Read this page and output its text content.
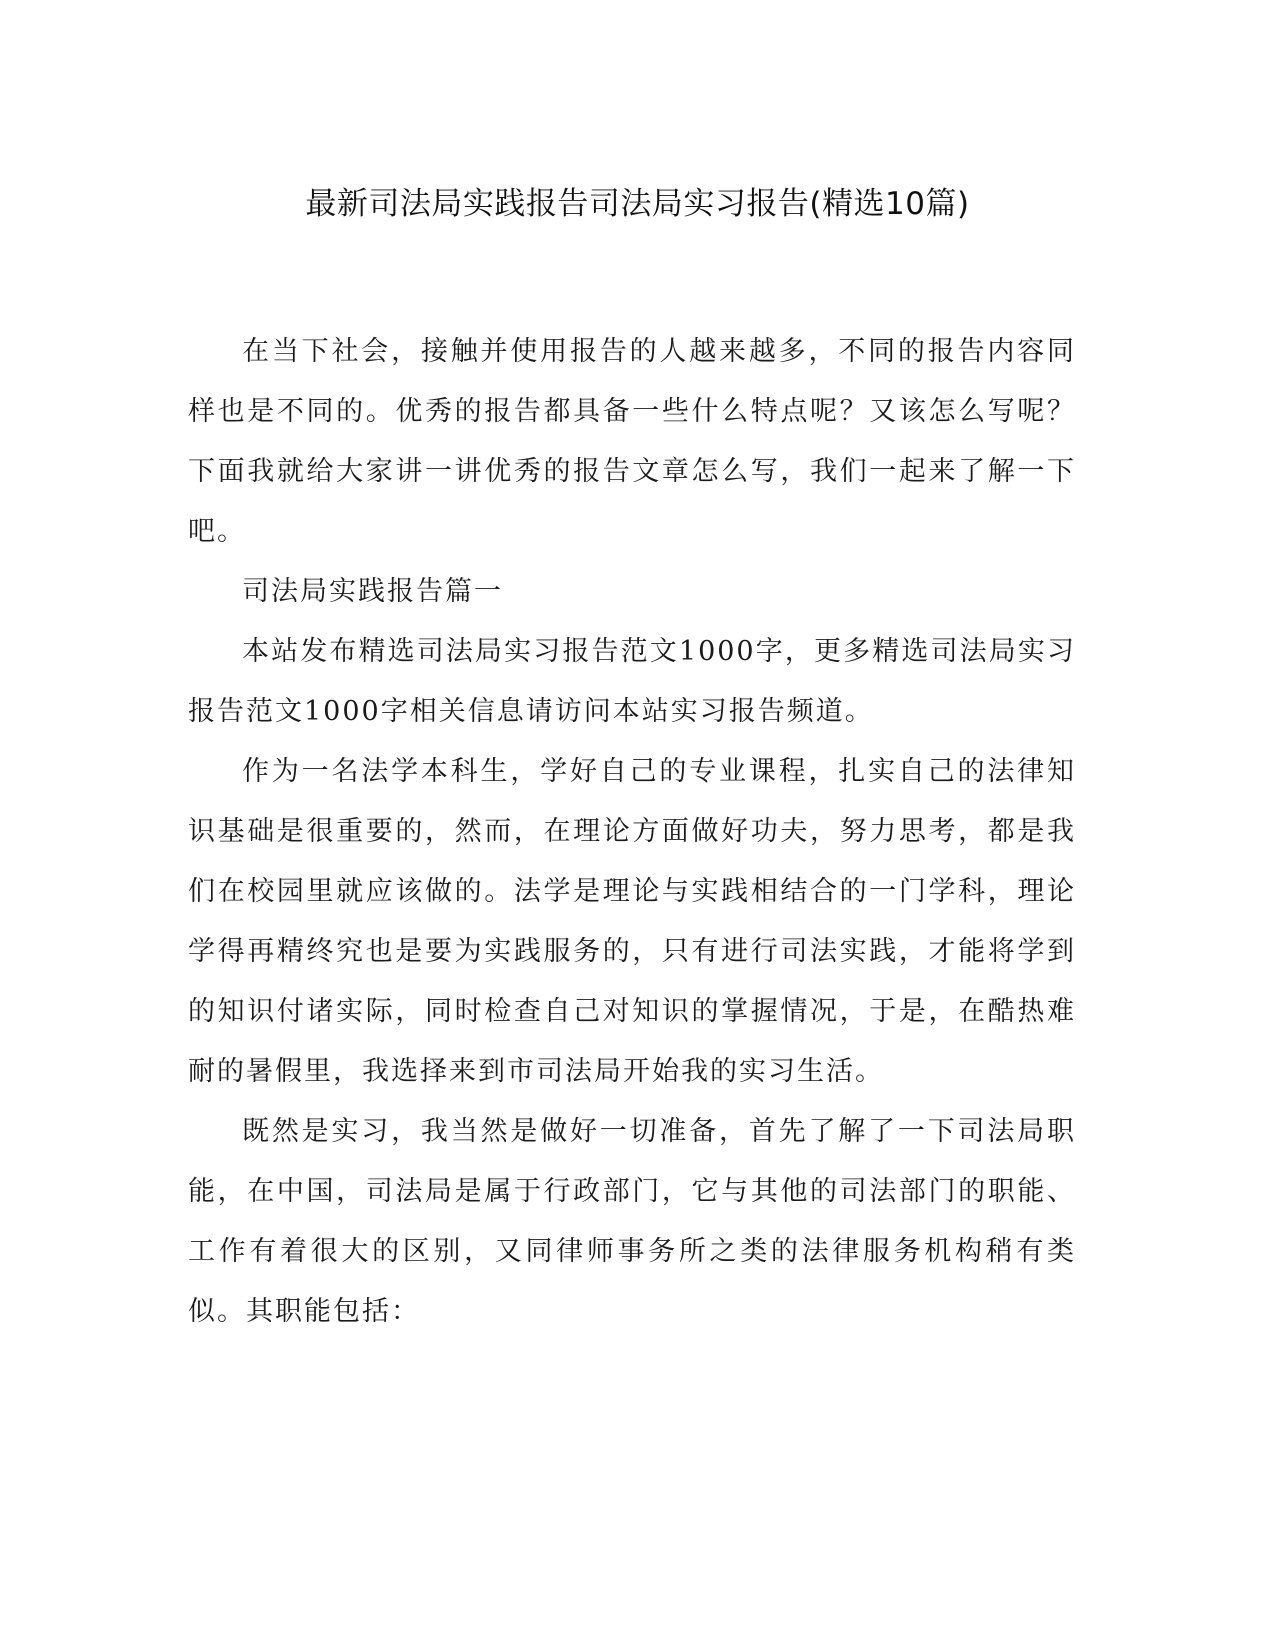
最新司法局实践报告司法局实习报告(精选10篇)

在当下社会，接触并使用报告的人越来越多，不同的报告内容同样也是不同的。优秀的报告都具备一些什么特点呢？又该怎么写呢？下面我就给大家讲一讲优秀的报告文章怎么写，我们一起来了解一下吧。

司法局实践报告篇一

本站发布精选司法局实习报告范文1000字，更多精选司法局实习报告范文1000字相关信息请访问本站实习报告频道。

作为一名法学本科生，学好自己的专业课程，扎实自己的法律知识基础是很重要的，然而，在理论方面做好功夫，努力思考，都是我们在校园里就应该做的。法学是理论与实践相结合的一门学科，理论学得再精终究也是要为实践服务的，只有进行司法实践，才能将学到的知识付诸实际，同时检查自己对知识的掌握情况，于是，在酷热难耐的暑假里，我选择来到市司法局开始我的实习生活。

既然是实习，我当然是做好一切准备，首先了解了一下司法局职能，在中国，司法局是属于行政部门，它与其他的司法部门的职能、工作有着很大的区别，又同律师事务所之类的法律服务机构稍有类似。其职能包括：
